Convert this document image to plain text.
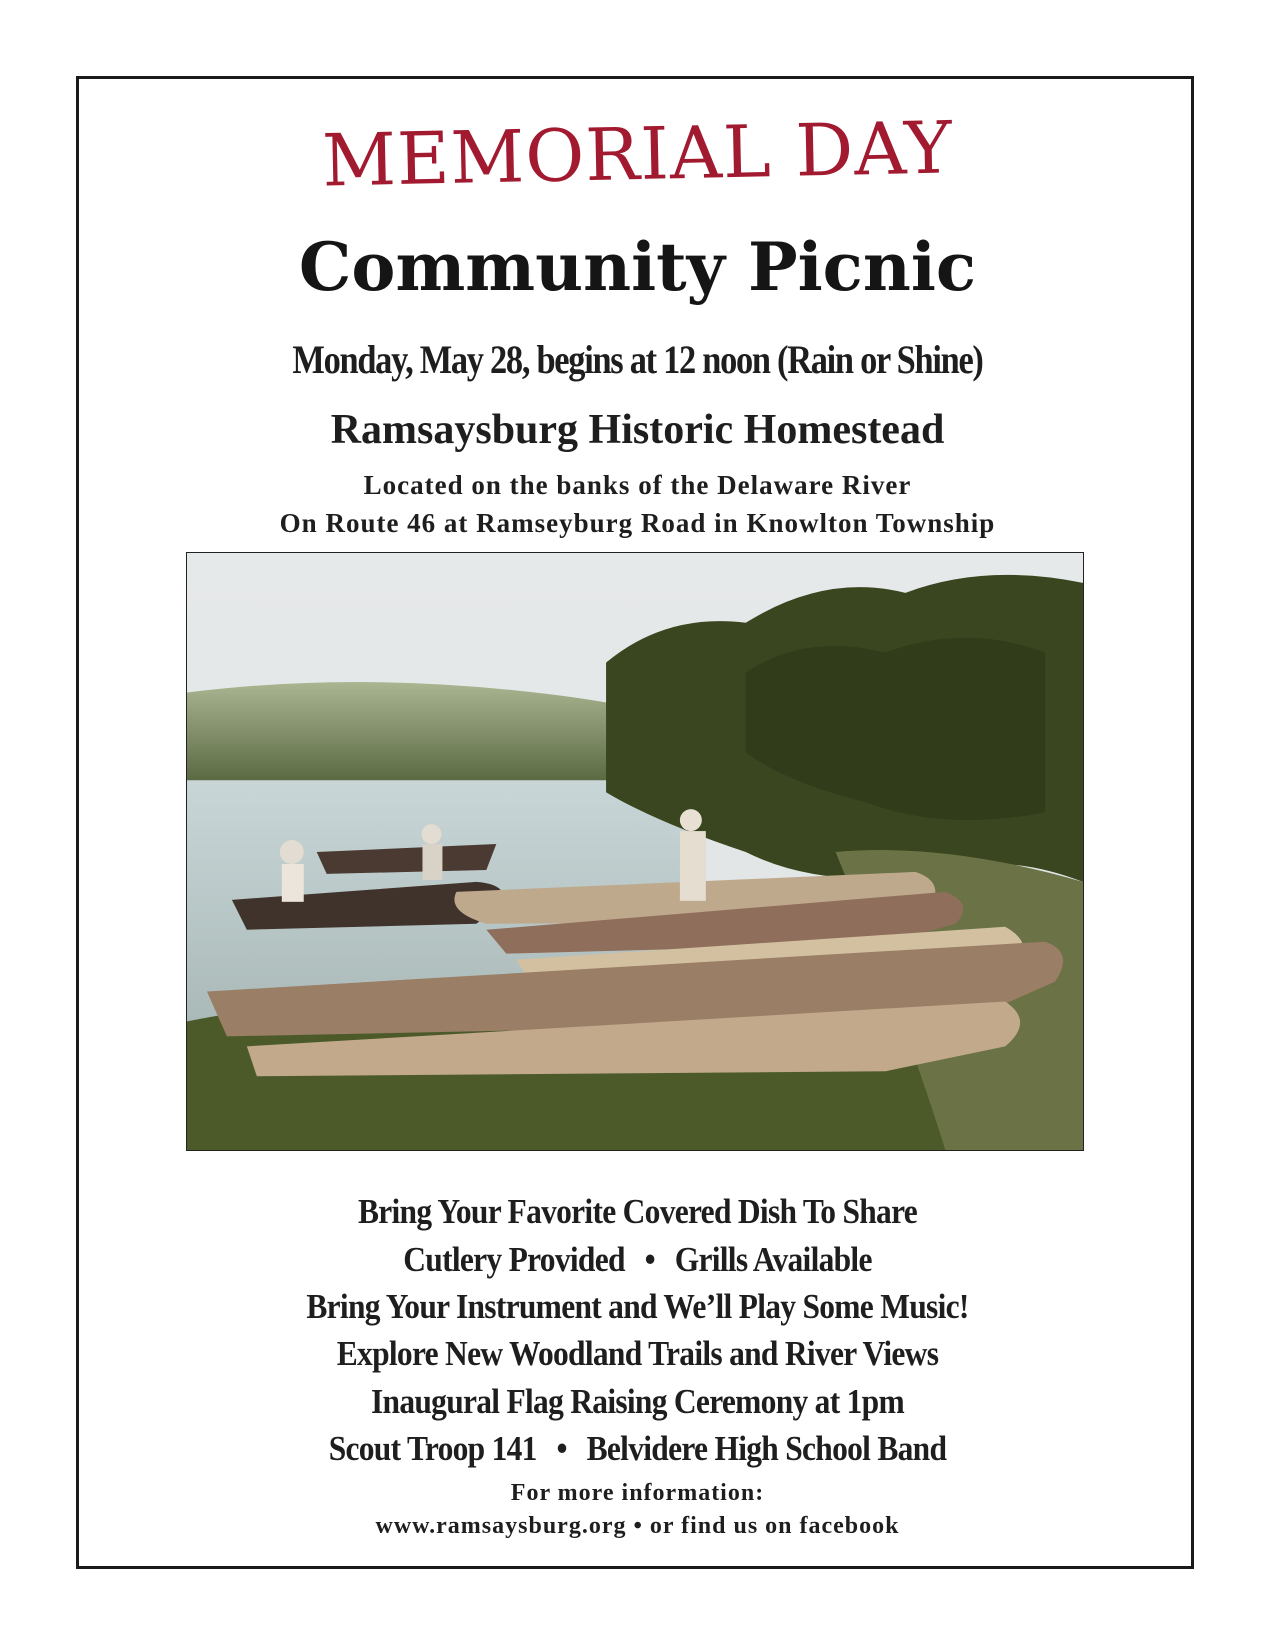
MEMORIAL DAY
Community Picnic
Monday, May 28, begins at 12 noon (Rain or Shine)
Ramsaysburg Historic Homestead
Located on the banks of the Delaware River
On Route 46 at Ramseyburg Road in Knowlton Township
Bring Your Favorite Covered Dish To Share
Cutlery Provided • Grills Available
Bring Your Instrument and We’ll Play Some Music!
Explore New Woodland Trails and River Views
Inaugural Flag Raising Ceremony at 1pm
Scout Troop 141 • Belvidere High School Band
For more information:
www.ramsaysburg.org • or find us on facebook
